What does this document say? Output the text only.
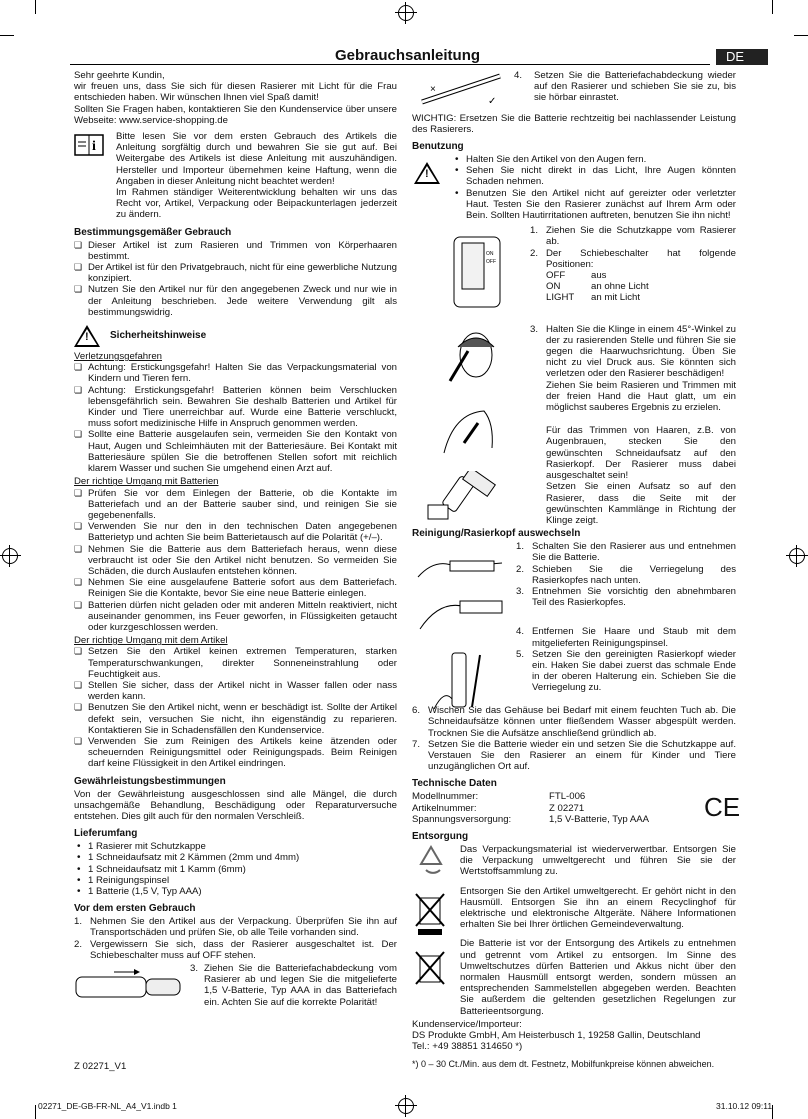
Gebrauchsanleitung	DE

Sehr geehrte Kundin,

wir freuen uns, dass Sie sich für diesen Rasierer mit Licht für die Frau entschieden haben. Wir wünschen Ihnen viel Spaß damit!

Sollten Sie Fragen haben, kontaktieren Sie den Kundenservice über unsere Webseite: www.service-shopping.de

i

Bitte lesen Sie vor dem ersten Gebrauch des Artikels die Anleitung sorgfältig durch und bewahren Sie sie gut auf. Bei Weitergabe des Artikels ist diese Anleitung mit auszuhändigen. Hersteller und Importeur übernehmen keine Haftung, wenn die Angaben in dieser Anleitung nicht beachtet werden!

Im Rahmen ständiger Weiterentwicklung behalten wir uns das Recht vor, Artikel, Verpackung oder Beipackunterlagen jederzeit zu ändern.

Bestimmungsgemäßer Gebrauch
❏ Dieser Artikel ist zum Rasieren und Trimmen von Körperhaaren bestimmt.
❏ Der Artikel ist für den Privatgebrauch, nicht für eine gewerbliche Nutzung konzipiert.
❏ Nutzen Sie den Artikel nur für den angegebenen Zweck und nur wie in der Anleitung beschrieben. Jede weitere Verwendung gilt als bestimmungswidrig.
! Sicherheitshinweise

Verletzungsgefahren

❏ Achtung: Erstickungsgefahr! Halten Sie das Verpackungsmaterial von Kindern und Tieren fern.
❏ Achtung: Erstickungsgefahr! Batterien können beim Verschlucken lebensgefährlich sein. Bewahren Sie deshalb Batterien und Artikel für Kinder und Tiere unerreichbar auf. Wurde eine Batterie verschluckt, muss sofort medizinische Hilfe in Anspruch genommen werden.
❏ Sollte eine Batterie ausgelaufen sein, vermeiden Sie den Kontakt von Haut, Augen und Schleimhäuten mit der Batteriesäure. Bei Kontakt mit Batteriesäure spülen Sie die betroffenen Stellen sofort mit reichlich klarem Wasser und suchen Sie umgehend einen Arzt auf.

Der richtige Umgang mit Batterien

❏ Prüfen Sie vor dem Einlegen der Batterie, ob die Kontakte im Batteriefach und an der Batterie sauber sind, und reinigen Sie sie gegebenenfalls.
❏ Verwenden Sie nur den in den technischen Daten angegebenen Batterietyp und achten Sie beim Batterietausch auf die Polarität (+/–).
❏ Nehmen Sie die Batterie aus dem Batteriefach heraus, wenn diese verbraucht ist oder Sie den Artikel nicht benutzen. So vermeiden Sie Schäden, die durch Auslaufen entstehen können.
❏ Nehmen Sie eine ausgelaufene Batterie sofort aus dem Batteriefach. Reinigen Sie die Kontakte, bevor Sie eine neue Batterie einlegen.
❏ Batterien dürfen nicht geladen oder mit anderen Mitteln reaktiviert, nicht auseinander genommen, ins Feuer geworfen, in Flüssigkeiten getaucht oder kurzgeschlossen werden.

Der richtige Umgang mit dem Artikel

❏ Setzen Sie den Artikel keinen extremen Temperaturen, starken Temperaturschwankungen, direkter Sonneneinstrahlung oder Feuchtigkeit aus.
❏ Stellen Sie sicher, dass der Artikel nicht in Wasser fallen oder nass werden kann.
❏ Benutzen Sie den Artikel nicht, wenn er beschädigt ist. Sollte der Artikel defekt sein, versuchen Sie nicht, ihn eigenständig zu reparieren. Kontaktieren Sie in Schadensfällen den Kundenservice.
❏ Verwenden Sie zum Reinigen des Artikels keine ätzenden oder scheuernden Reinigungsmittel oder Reinigungspads. Beim Reinigen darf keine Flüssigkeit in den Artikel eindringen.
Gewährleistungsbestimmungen

Von der Gewährleistung ausgeschlossen sind alle Mängel, die durch unsachgemäße Behandlung, Beschädigung oder Reparaturversuche entstehen. Dies gilt auch für den normalen Verschleiß.

Lieferumfang
• 1 Rasierer mit Schutzkappe
• 1 Schneidaufsatz mit 2 Kämmen (2mm und 4mm)
• 1 Schneidaufsatz mit 1 Kamm (6mm)
• 1 Reinigungspinsel
• 1 Batterie (1,5 V, Typ AAA)
Vor dem ersten Gebrauch
1. Nehmen Sie den Artikel aus der Verpackung. Überprüfen Sie ihn auf Transportschäden und prüfen Sie, ob alle Teile vorhanden sind.
2. Vergewissern Sie sich, dass der Rasierer ausgeschaltet ist. Der Schiebeschalter muss auf OFF stehen.
3. Ziehen Sie die Batteriefachabdeckung vom Rasierer ab und legen Sie die mitgelieferte 1,5 V-Batterie, Typ AAA in das Batteriefach ein. Achten Sie auf die korrekte Polarität!

×
✓
4.	Setzen Sie die Batteriefachabdeckung wieder auf den Rasierer und schieben Sie sie zu, bis sie hörbar einrastet.

WICHTIG: Ersetzen Sie die Batterie rechtzeitig bei nachlassender Leistung des Rasierers.

Benutzung
!
• Halten Sie den Artikel von den Augen fern.
• Sehen Sie nicht direkt in das Licht, Ihre Augen könnten Schaden nehmen.
• Benutzen Sie den Artikel nicht auf gereizter oder verletzter Haut. Testen Sie den Rasierer zunächst auf Ihrem Arm oder Bein. Sollten Hautirritationen auftreten, benutzen Sie ihn nicht!
ON
OFF
1. Ziehen Sie die Schutzkappe vom Rasierer ab.
2. Der Schiebeschalter hat folgende Positionen:
OFF	aus
ON	an ohne Licht
LIGHT	an mit Licht
3. Halten Sie die Klinge in einem 45°-Winkel zu der zu rasierenden Stelle und führen Sie sie gegen die Haarwuchsrichtung. Üben Sie nicht zu viel Druck aus. Sie könnten sich verletzen oder den Rasierer beschädigen!

Ziehen Sie beim Rasieren und Trimmen mit der freien Hand die Haut glatt, um ein möglichst sauberes Ergebnis zu erzielen.

Für das Trimmen von Haaren, z.B. von Augenbrauen, stecken Sie den gewünschten Schneidaufsatz auf den Rasierkopf. Der Rasierer muss dabei ausgeschaltet sein!

Setzen Sie einen Aufsatz so auf den Rasierer, dass die Seite mit der gewünschten Kammlänge in Richtung der Klinge zeigt.

Reinigung/Rasierkopf auswechseln
1. Schalten Sie den Rasierer aus und entnehmen Sie die Batterie.
2. Schieben Sie die Verriegelung des Rasierkopfes nach unten.
3. Entnehmen Sie vorsichtig den abnehmbaren Teil des Rasierkopfes.
4. Entfernen Sie Haare und Staub mit dem mitgelieferten Reinigungspinsel.
5. Setzen Sie den gereinigten Rasierkopf wieder ein. Haken Sie dabei zuerst das schmale Ende in der oberen Halterung ein. Schieben Sie die Verriegelung zu.
6. Wischen Sie das Gehäuse bei Bedarf mit einem feuchten Tuch ab. Die Schneidaufsätze können unter fließendem Wasser abgespült werden. Trocknen Sie die Aufsätze anschließend gründlich ab.
7. Setzen Sie die Batterie wieder ein und setzen Sie die Schutzkappe auf. Verstauen Sie den Rasierer an einem für Kinder und Tiere unzugänglichen Ort auf.
Technische Daten
Modellnummer:	FTL-006
Artikelnummer:	Z 02271
Spannungsversorgung:	1,5 V-Batterie, Typ AAA CE
Entsorgung

Das Verpackungsmaterial ist wiederverwertbar. Entsorgen Sie die Verpackung umweltgerecht und führen Sie sie der Wertstoffsammlung zu.

Entsorgen Sie den Artikel umweltgerecht. Er gehört nicht in den Hausmüll. Entsorgen Sie ihn an einem Recyclinghof für elektrische und elektronische Altgeräte. Nähere Informationen erhalten Sie bei Ihrer örtlichen Gemeindeverwaltung.

Die Batterie ist vor der Entsorgung des Artikels zu entnehmen und getrennt vom Artikel zu entsorgen. Im Sinne des Umweltschutzes dürfen Batterien und Akkus nicht über den normalen Hausmüll entsorgt werden, sondern müssen an entsprechenden Sammelstellen abgegeben werden. Beachten Sie außerdem die geltenden gesetzlichen Regelungen zur Batterieentsorgung.

Kundenservice/Importeur:

DS Produkte GmbH, Am Heisterbusch 1, 19258 Gallin, Deutschland

Tel.: +49 38851 314650 *)

*) 0 – 30 Ct./Min. aus dem dt. Festnetz, Mobilfunkpreise können abweichen.

Z 02271_V1
02271_DE-GB-FR-NL_A4_V1.indb 1	31.10.12 09:11
